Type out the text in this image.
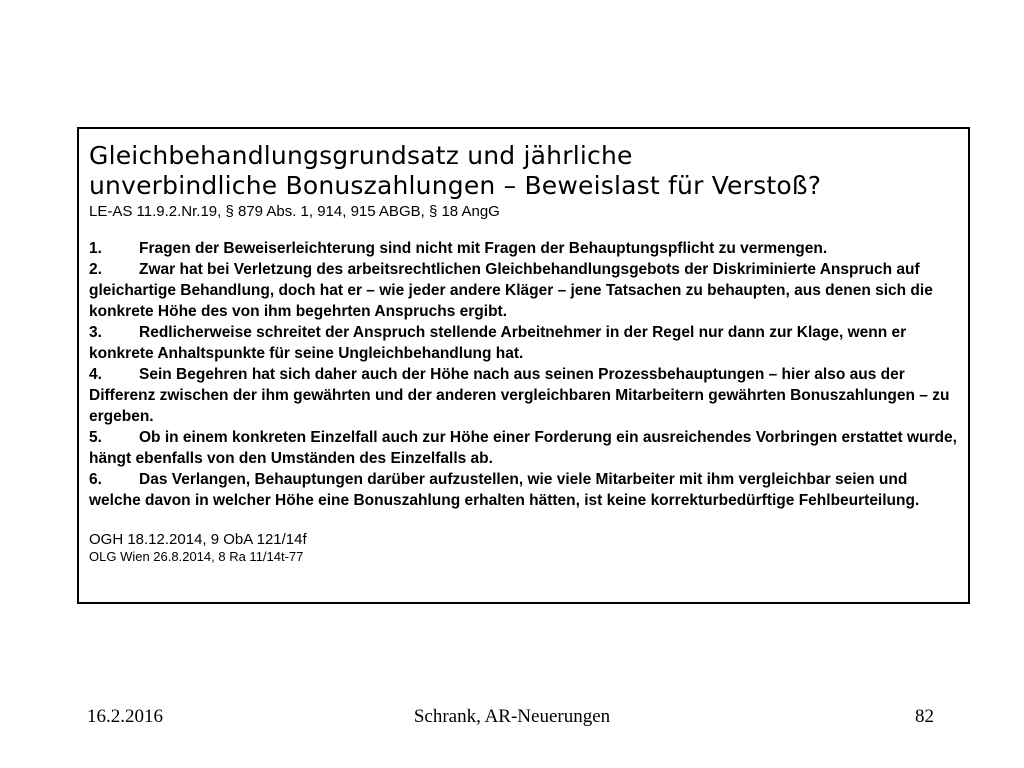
Gleichbehandlungsgrundsatz und jährliche
unverbindliche Bonuszahlungen – Beweislast für Verstoß?
LE-AS 11.9.2.Nr.19, § 879 Abs. 1, 914, 915 ABGB, § 18 AngG
1. Fragen der Beweiserleichterung sind nicht mit Fragen der Behauptungspflicht zu vermengen.
2. Zwar hat bei Verletzung des arbeitsrechtlichen Gleichbehandlungsgebots der Diskriminierte Anspruch auf gleichartige Behandlung, doch hat er – wie jeder andere Kläger – jene Tatsachen zu behaupten, aus denen sich die konkrete Höhe des von ihm begehrten Anspruchs ergibt.
3. Redlicherweise schreitet der Anspruch stellende Arbeitnehmer in der Regel nur dann zur Klage, wenn er konkrete Anhaltspunkte für seine Ungleichbehandlung hat.
4. Sein Begehren hat sich daher auch der Höhe nach aus seinen Prozessbehauptungen – hier also aus der Differenz zwischen der ihm gewährten und der anderen vergleichbaren Mitarbeitern gewährten Bonuszahlungen – zu ergeben.
5. Ob in einem konkreten Einzelfall auch zur Höhe einer Forderung ein ausreichendes Vorbringen erstattet wurde, hängt ebenfalls von den Umständen des Einzelfalls ab.
6. Das Verlangen, Behauptungen darüber aufzustellen, wie viele Mitarbeiter mit ihm vergleichbar seien und welche davon in welcher Höhe eine Bonuszahlung erhalten hätten, ist keine korrekturbedürftige Fehlbeurteilung.
OGH 18.12.2014, 9 ObA 121/14f
OLG Wien 26.8.2014, 8 Ra 11/14t-77
16.2.2016	Schrank, AR-Neuerungen	82
